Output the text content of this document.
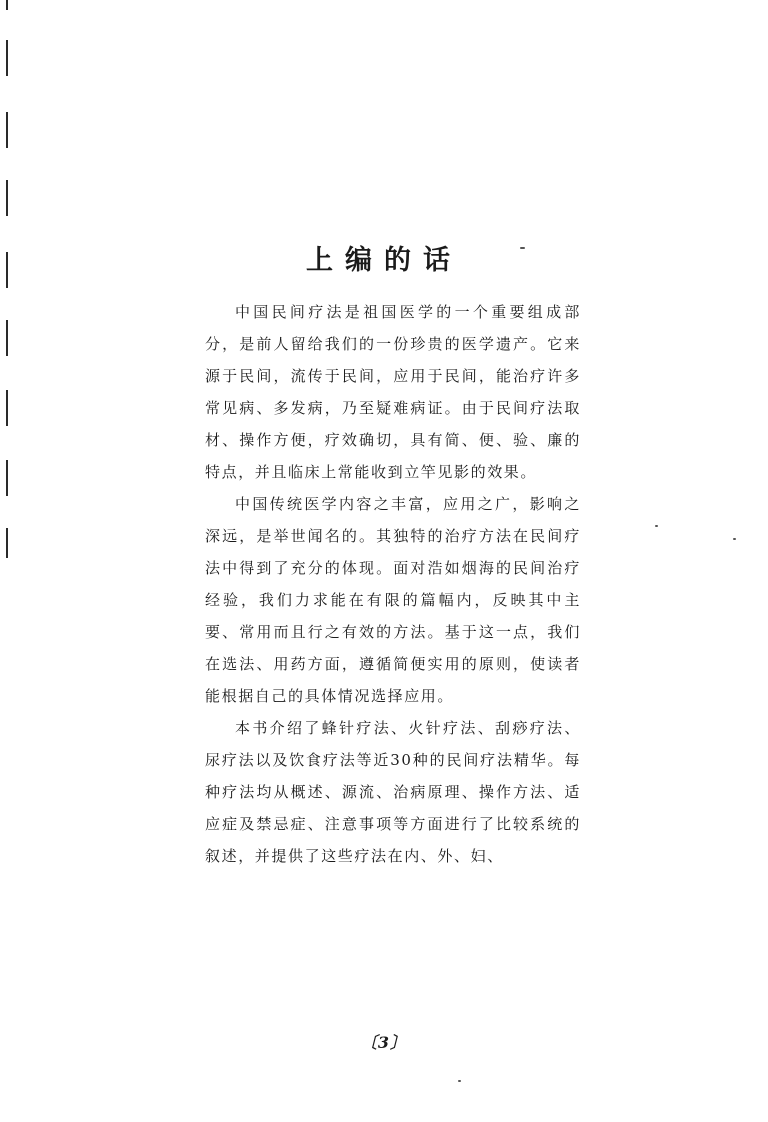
上编的话

中国民间疗法是祖国医学的一个重要组成部分，是前人留给我们的一份珍贵的医学遗产。它来源于民间，流传于民间，应用于民间，能治疗许多常见病、多发病，乃至疑难病证。由于民间疗法取材、操作方便，疗效确切，具有简、便、验、廉的特点，并且临床上常能收到立竿见影的效果。

中国传统医学内容之丰富，应用之广，影响之深远，是举世闻名的。其独特的治疗方法在民间疗法中得到了充分的体现。面对浩如烟海的民间治疗经验，我们力求能在有限的篇幅内，反映其中主要、常用而且行之有效的方法。基于这一点，我们在选法、用药方面，遵循简便实用的原则，使读者能根据自己的具体情况选择应用。

本书介绍了蜂针疗法、火针疗法、刮痧疗法、尿疗法以及饮食疗法等近30种的民间疗法精华。每种疗法均从概述、源流、治病原理、操作方法、适应症及禁忌症、注意事项等方面进行了比较系统的叙述，并提供了这些疗法在内、外、妇、

〔3〕
